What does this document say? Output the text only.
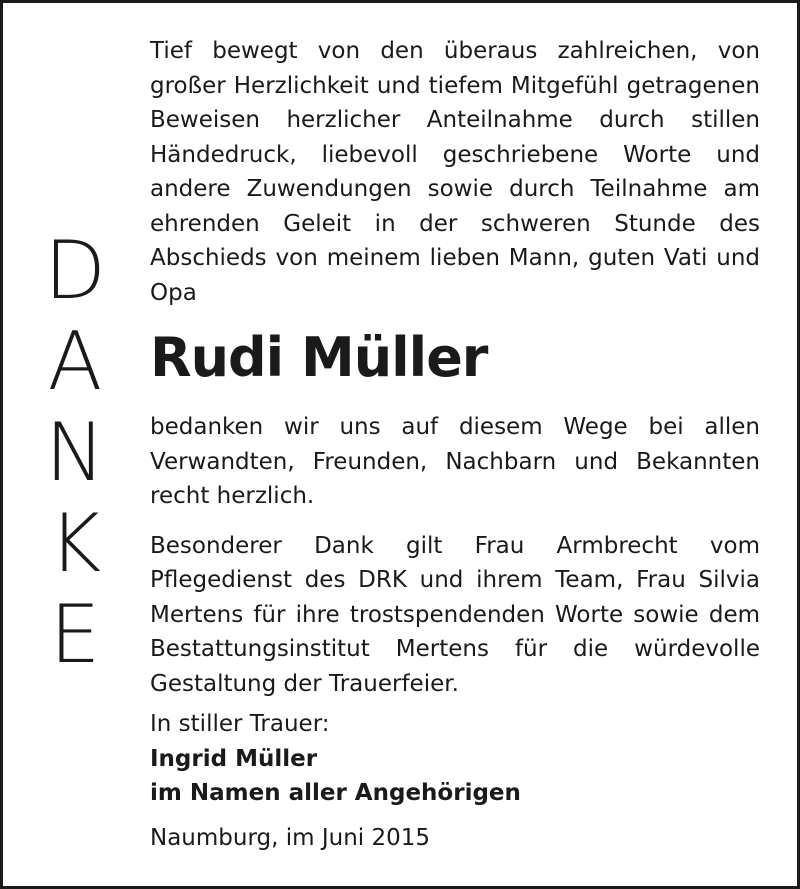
D
A
N
K
E

Tief bewegt von den überaus zahlreichen, von großer Herzlichkeit und tiefem Mitgefühl getragenen Beweisen herzlicher Anteilnahme durch stillen Händedruck, liebevoll geschriebene Worte und andere Zuwendungen sowie durch Teilnahme am ehrenden Geleit in der schweren Stunde des Abschieds von meinem lieben Mann, guten Vati und Opa

Rudi Müller

bedanken wir uns auf diesem Wege bei allen Verwandten, Freunden, Nachbarn und Bekannten recht herzlich.

Besonderer Dank gilt Frau Armbrecht vom Pflegedienst des DRK und ihrem Team, Frau Silvia Mertens für ihre trostspendenden Worte sowie dem Bestattungsinstitut Mertens für die würdevolle Gestaltung der Trauerfeier.

In stiller Trauer:

Ingrid Müller

im Namen aller Angehörigen

Naumburg, im Juni 2015
